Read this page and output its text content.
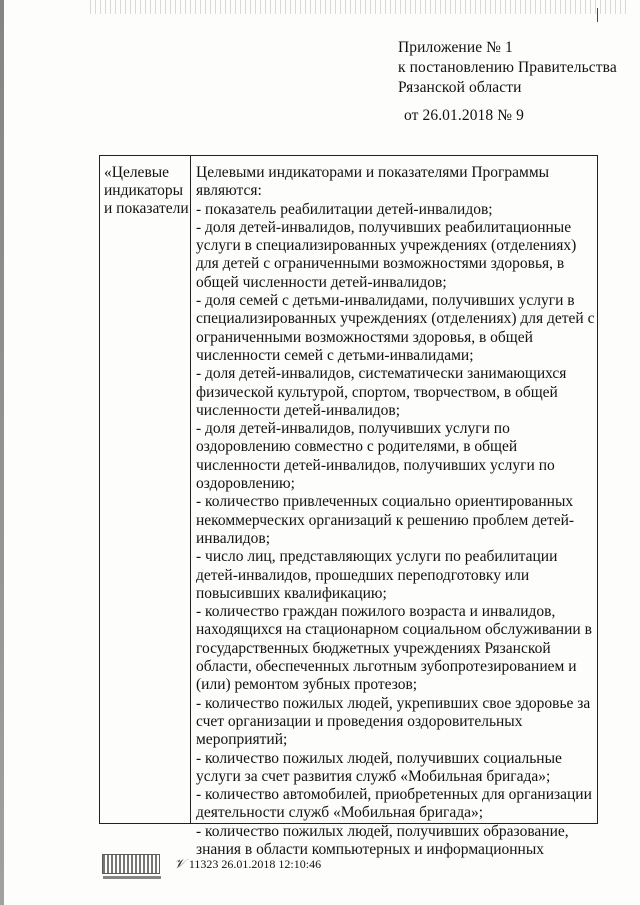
Приложение № 1
к постановлению Правительства
Рязанской области
от 26.01.2018 № 9
«Целевые
индикаторы
и показатели
Целевыми индикаторами и показателями Программы
являются:
- показатель реабилитации детей-инвалидов;
- доля детей-инвалидов, получивших реабилитационные
услуги в специализированных учреждениях (отделениях)
для детей с ограниченными возможностями здоровья, в
общей численности детей-инвалидов;
- доля семей с детьми-инвалидами, получивших услуги в
специализированных учреждениях (отделениях) для детей с
ограниченными возможностями здоровья, в общей
численности семей с детьми-инвалидами;
- доля детей-инвалидов, систематически занимающихся
физической культурой, спортом, творчеством, в общей
численности детей-инвалидов;
- доля детей-инвалидов, получивших услуги по
оздоровлению совместно с родителями, в общей
численности детей-инвалидов, получивших услуги по
оздоровлению;
- количество привлеченных социально ориентированных
некоммерческих организаций к решению проблем детей-
инвалидов;
- число лиц, представляющих услуги по реабилитации
детей-инвалидов, прошедших переподготовку или
повысивших квалификацию;
- количество граждан пожилого возраста и инвалидов,
находящихся на стационарном социальном обслуживании в
государственных бюджетных учреждениях Рязанской
области, обеспеченных льготным зубопротезированием и
(или) ремонтом зубных протезов;
- количество пожилых людей, укрепивших свое здоровье за
счет организации и проведения оздоровительных
мероприятий;
- количество пожилых людей, получивших социальные
услуги за счет развития служб «Мобильная бригада»;
- количество автомобилей, приобретенных для организации
деятельности служб «Мобильная бригада»;
- количество пожилых людей, получивших образование,
знания в области компьютерных и информационных
𝒱 11323 26.01.2018 12:10:46
